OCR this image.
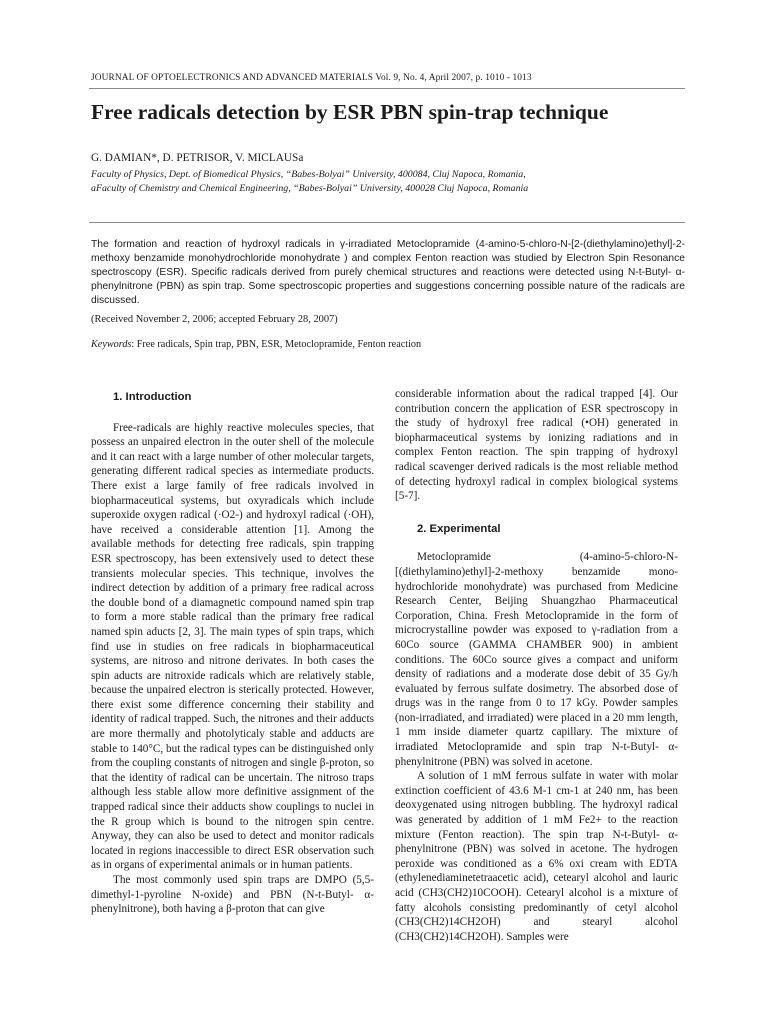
JOURNAL OF OPTOELECTRONICS AND ADVANCED MATERIALS Vol. 9, No. 4, April 2007, p. 1010 - 1013
Free radicals detection by ESR PBN spin-trap technique
G. DAMIAN*, D. PETRISOR, V. MICLAUSa
Faculty of Physics, Dept. of Biomedical Physics, “Babes-Bolyai” University, 400084, Cluj Napoca, Romania,
aFaculty of Chemistry and Chemical Engineering, “Babes-Bolyai” University, 400028 Cluj Napoca, Romania
The formation and reaction of hydroxyl radicals in γ-irradiated Metoclopramide (4-amino-5-chloro-N-[2-(diethylamino)ethyl]-2-methoxy benzamide monohydrochloride monohydrate ) and complex Fenton reaction was studied by Electron Spin Resonance spectroscopy (ESR). Specific radicals derived from purely chemical structures and reactions were detected using N-t-Butyl- α-phenylnitrone (PBN) as spin trap. Some spectroscopic properties and suggestions concerning possible nature of the radicals are discussed.
(Received November 2, 2006; accepted February 28, 2007)
Keywords: Free radicals, Spin trap, PBN, ESR, Metoclopramide, Fenton reaction
1. Introduction

Free-radicals are highly reactive molecules species, that possess an unpaired electron in the outer shell of the molecule and it can react with a large number of other molecular targets, generating different radical species as intermediate products. There exist a large family of free radicals involved in biopharmaceutical systems, but oxyradicals which include superoxide oxygen radical (·O2-) and hydroxyl radical (·OH), have received a considerable attention [1]. Among the available methods for detecting free radicals, spin trapping ESR spectroscopy, has been extensively used to detect these transients molecular species. This technique, involves the indirect detection by addition of a primary free radical across the double bond of a diamagnetic compound named spin trap to form a more stable radical than the primary free radical named spin aducts [2, 3]. The main types of spin traps, which find use in studies on free radicals in biopharmaceutical systems, are nitroso and nitrone derivates. In both cases the spin aducts are nitroxide radicals which are relatively stable, because the unpaired electron is sterically protected. However, there exist some difference concerning their stability and identity of radical trapped. Such, the nitrones and their adducts are more thermally and photolyticaly stable and adducts are stable to 140°C, but the radical types can be distinguished only from the coupling constants of nitrogen and single β-proton, so that the identity of radical can be uncertain. The nitroso traps although less stable allow more definitive assignment of the trapped radical since their adducts show couplings to nuclei in the R group which is bound to the nitrogen spin centre. Anyway, they can also be used to detect and monitor radicals located in regions inaccessible to direct ESR observation such as in organs of experimental animals or in human patients.

The most commonly used spin traps are DMPO (5,5-dimethyl-1-pyroline N-oxide) and PBN (N-t-Butyl- α-phenylnitrone), both having a β-proton that can give

considerable information about the radical trapped [4]. Our contribution concern the application of ESR spectroscopy in the study of hydroxyl free radical (•OH) generated in biopharmaceutical systems by ionizing radiations and in complex Fenton reaction. The spin trapping of hydroxyl radical scavenger derived radicals is the most reliable method of detecting hydroxyl radical in complex biological systems [5-7].

2. Experimental

Metoclopramide (4-amino-5-chloro-N-[(diethylamino)ethyl]-2-methoxy benzamide mono-hydrochloride monohydrate) was purchased from Medicine Research Center, Beijing Shuangzhao Pharmaceutical Corporation, China. Fresh Metoclopramide in the form of microcrystalline powder was exposed to γ-radiation from a 60Co source (GAMMA CHAMBER 900) in ambient conditions. The 60Co source gives a compact and uniform density of radiations and a moderate dose debit of 35 Gy/h evaluated by ferrous sulfate dosimetry. The absorbed dose of drugs was in the range from 0 to 17 kGy. Powder samples (non-irradiated, and irradiated) were placed in a 20 mm length, 1 mm inside diameter quartz capillary. The mixture of irradiated Metoclopramide and spin trap N-t-Butyl- α-phenylnitrone (PBN) was solved in acetone.

A solution of 1 mM ferrous sulfate in water with molar extinction coefficient of 43.6 M-1 cm-1 at 240 nm, has been deoxygenated using nitrogen bubbling. The hydroxyl radical was generated by addition of 1 mM Fe2+ to the reaction mixture (Fenton reaction). The spin trap N-t-Butyl- α-phenylnitrone (PBN) was solved in acetone. The hydrogen peroxide was conditioned as a 6% oxi cream with EDTA (ethylenediaminetetraacetic acid), cetearyl alcohol and lauric acid (CH3(CH2)10COOH). Cetearyl alcohol is a mixture of fatty alcohols consisting predominantly of cetyl alcohol (CH3(CH2)14CH2OH) and stearyl alcohol (CH3(CH2)14CH2OH). Samples were
